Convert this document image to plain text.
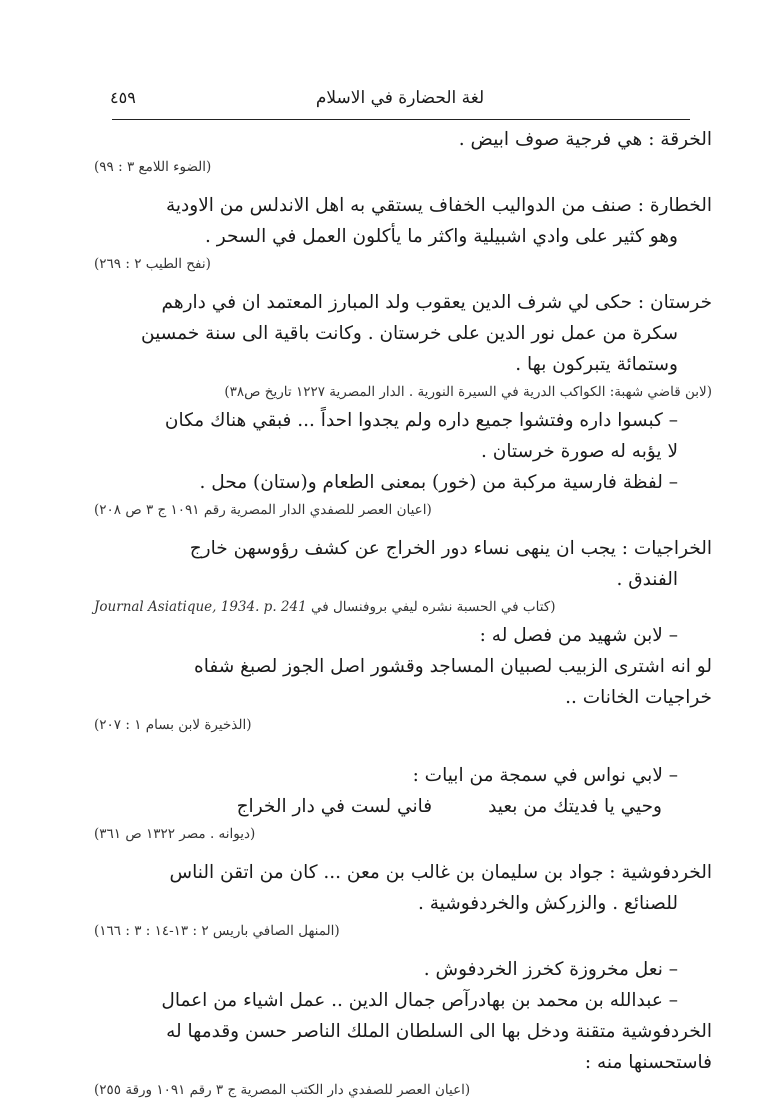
٤٥٩	لغة الحضارة في الاسلام
الخرقة : هي فرجية صوف ابيض .
(الضوء اللامع ٣ : ٩٩)
الخطارة : صنف من الدواليب الخفاف يستقي به اهل الاندلس من الاودية
وهو كثير على وادي اشبيلية واكثر ما يأكلون العمل في السحر .
(نفح الطيب ٢ : ٢٦٩)
خرستان : حكى لي شرف الدين يعقوب ولد المبارز المعتمد ان في دارهم
سكرة من عمل نور الدين على خرستان . وكانت باقية الى سنة خمسين
وستمائة يتبركون بها .
(لابن قاضي شهبة: الكواكب الدرية في السيرة النورية . الدار المصرية ١٢٢٧ تاريخ ص٣٨)
– كبسوا داره وفتشوا جميع داره ولم يجدوا احداً ... فبقي هناك مكان
لا يؤبه له صورة خرستان .
– لفظة فارسية مركبة من (خور) بمعنى الطعام و(ستان) محل .
(اعيان العصر للصفدي الدار المصرية رقم ١٠٩١ ج ٣ ص ٢٠٨)
الخراجيات : يجب ان ينهى نساء دور الخراج عن كشف رؤوسهن خارج
الفندق .
(كتاب في الحسبة نشره ليفي بروفنسال في Journal Asiatique, 1934. p. 241
– لابن شهيد من فصل له :
لو انه اشترى الزبيب لصبيان المساجد وقشور اصل الجوز لصبغ شفاه
خراجيات الخانات ..
(الذخيرة لابن بسام ١ : ٢٠٧)
– لابي نواس في سمجة من ابيات :
وحيي يا فديتك من بعيد
فاني لست في دار الخراج
(ديوانه . مصر ١٣٢٢ ص ٣٦١)
الخردفوشية : جواد بن سليمان بن غالب بن معن ... كان من اتقن الناس
للصنائع . والزركش والخردفوشية .
(المنهل الصافي باريس ٢ : ١٣-١٤ : ٣ : ١٦٦)
– نعل مخروزة كخرز الخردفوش .
– عبدالله بن محمد بن بهادرآص جمال الدين .. عمل اشياء من اعمال
الخردفوشية متقنة ودخل بها الى السلطان الملك الناصر حسن وقدمها له
فاستحسنها منه :
(اعيان العصر للصفدي دار الكتب المصرية ج ٣ رقم ١٠٩١ ورقة ٢٥٥)
